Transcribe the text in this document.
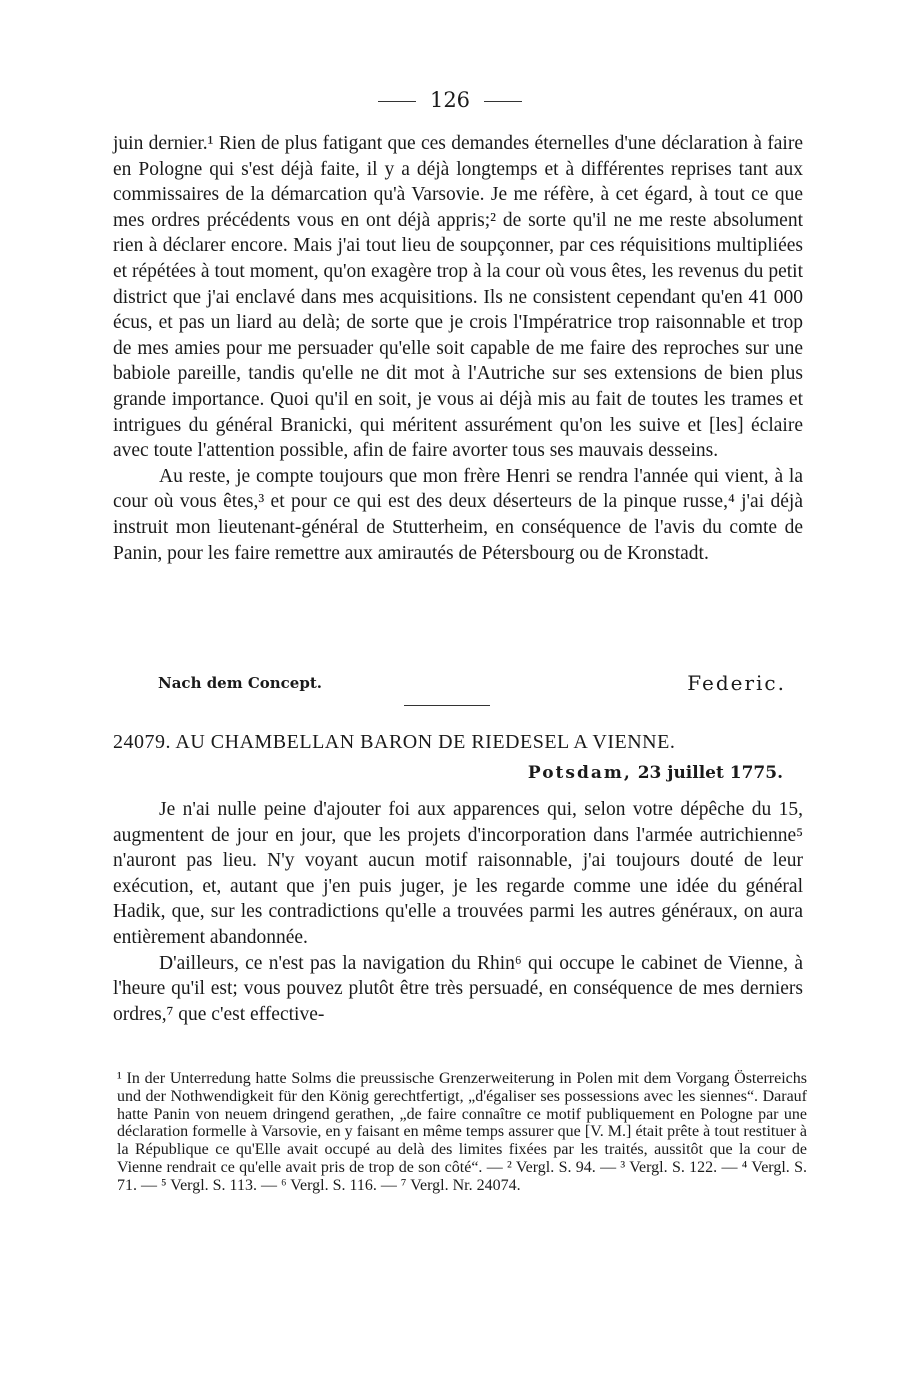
126

juin dernier.¹ Rien de plus fatigant que ces demandes éternelles d'une déclaration à faire en Pologne qui s'est déjà faite, il y a déjà longtemps et à différentes reprises tant aux commissaires de la démarcation qu'à Varsovie. Je me réfère, à cet égard, à tout ce que mes ordres précédents vous en ont déjà appris;² de sorte qu'il ne me reste absolument rien à déclarer encore. Mais j'ai tout lieu de soupçonner, par ces réquisitions multipliées et répétées à tout moment, qu'on exagère trop à la cour où vous êtes, les revenus du petit district que j'ai enclavé dans mes acquisitions. Ils ne consistent cependant qu'en 41 000 écus, et pas un liard au delà; de sorte que je crois l'Impératrice trop raisonnable et trop de mes amies pour me persuader qu'elle soit capable de me faire des reproches sur une babiole pareille, tandis qu'elle ne dit mot à l'Autriche sur ses extensions de bien plus grande importance. Quoi qu'il en soit, je vous ai déjà mis au fait de toutes les trames et intrigues du général Branicki, qui méritent assurément qu'on les suive et [les] éclaire avec toute l'attention possible, afin de faire avorter tous ses mauvais desseins.

Au reste, je compte toujours que mon frère Henri se rendra l'année qui vient, à la cour où vous êtes,³ et pour ce qui est des deux déserteurs de la pinque russe,⁴ j'ai déjà instruit mon lieutenant-général de Stutterheim, en conséquence de l'avis du comte de Panin, pour les faire remettre aux amirautés de Pétersbourg ou de Kronstadt.

Nach dem Concept.	Federic.
24079. AU CHAMBELLAN BARON DE RIEDESEL A VIENNE.
Potsdam, 23 juillet 1775.

Je n'ai nulle peine d'ajouter foi aux apparences qui, selon votre dépêche du 15, augmentent de jour en jour, que les projets d'incorporation dans l'armée autrichienne⁵ n'auront pas lieu. N'y voyant aucun motif raisonnable, j'ai toujours douté de leur exécution, et, autant que j'en puis juger, je les regarde comme une idée du général Hadik, que, sur les contradictions qu'elle a trouvées parmi les autres généraux, on aura entièrement abandonnée.

D'ailleurs, ce n'est pas la navigation du Rhin⁶ qui occupe le cabinet de Vienne, à l'heure qu'il est; vous pouvez plutôt être très persuadé, en conséquence de mes derniers ordres,⁷ que c'est effective-

¹ In der Unterredung hatte Solms die preussische Grenzerweiterung in Polen mit dem Vorgang Österreichs und der Nothwendigkeit für den König gerechtfertigt, „d'égaliser ses possessions avec les siennes“. Darauf hatte Panin von neuem dringend gerathen, „de faire connaître ce motif publiquement en Pologne par une déclaration formelle à Varsovie, en y faisant en même temps assurer que [V. M.] était prête à tout restituer à la République ce qu'Elle avait occupé au delà des limites fixées par les traités, aussitôt que la cour de Vienne rendrait ce qu'elle avait pris de trop de son côté“. — ² Vergl. S. 94. — ³ Vergl. S. 122. — ⁴ Vergl. S. 71. — ⁵ Vergl. S. 113. — ⁶ Vergl. S. 116. — ⁷ Vergl. Nr. 24074.
